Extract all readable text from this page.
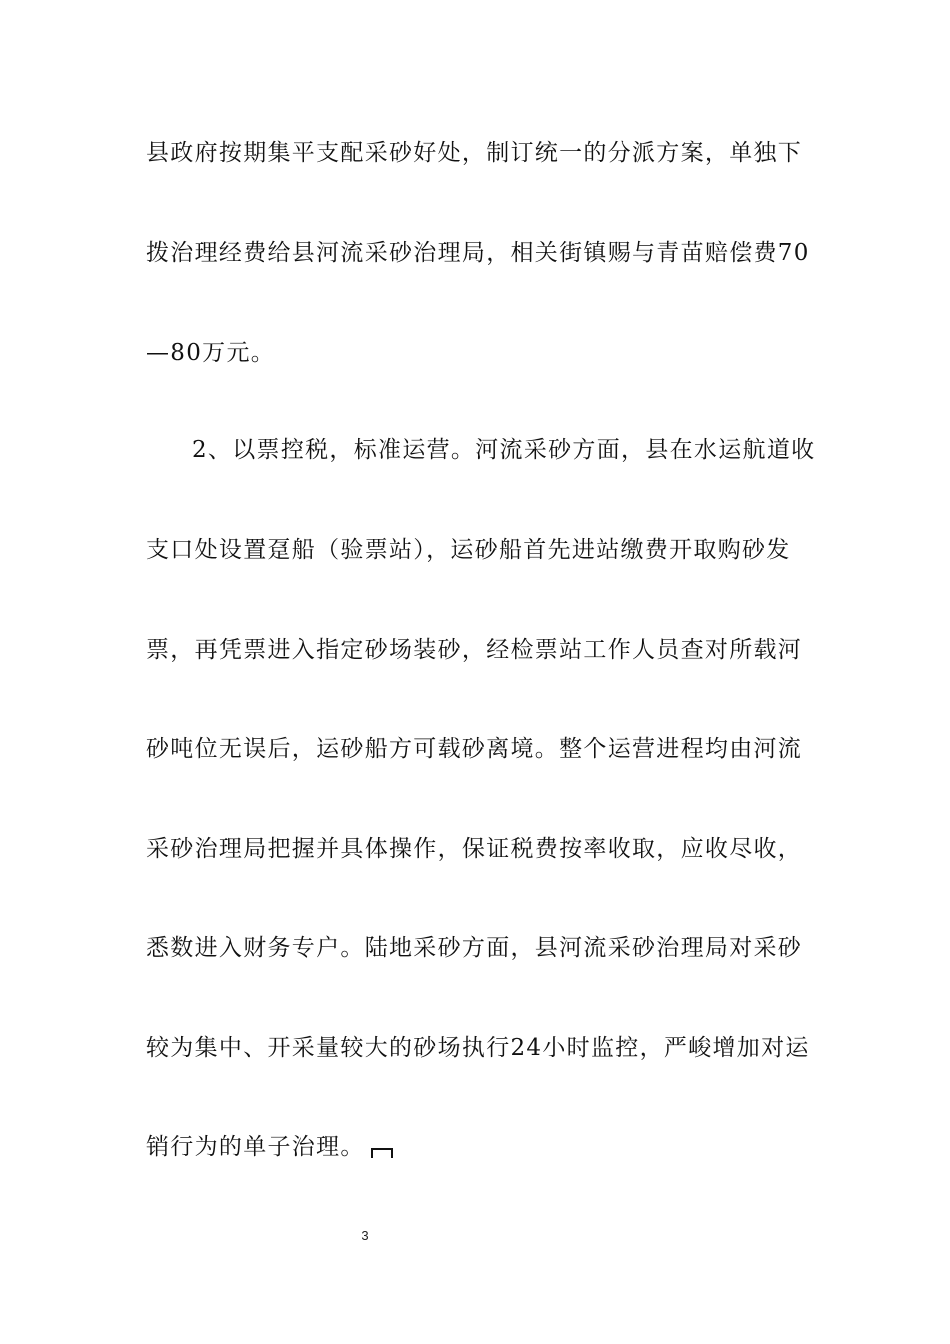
县政府按期集平支配采砂好处，制订统一的分派方案，单独下
拨治理经费给县河流采砂治理局，相关街镇赐与青苗赔偿费70
—80万元。
2、以票控税，标准运营。河流采砂方面，县在水运航道收
支口处设置趸船（验票站），运砂船首先进站缴费开取购砂发
票，再凭票进入指定砂场装砂，经检票站工作人员查对所载河
砂吨位无误后，运砂船方可载砂离境。整个运营进程均由河流
采砂治理局把握并具体操作，保证税费按率收取，应收尽收，
悉数进入财务专户。陆地采砂方面，县河流采砂治理局对采砂
较为集中、开采量较大的砂场执行24小时监控，严峻增加对运
销行为的单子治理。
3
